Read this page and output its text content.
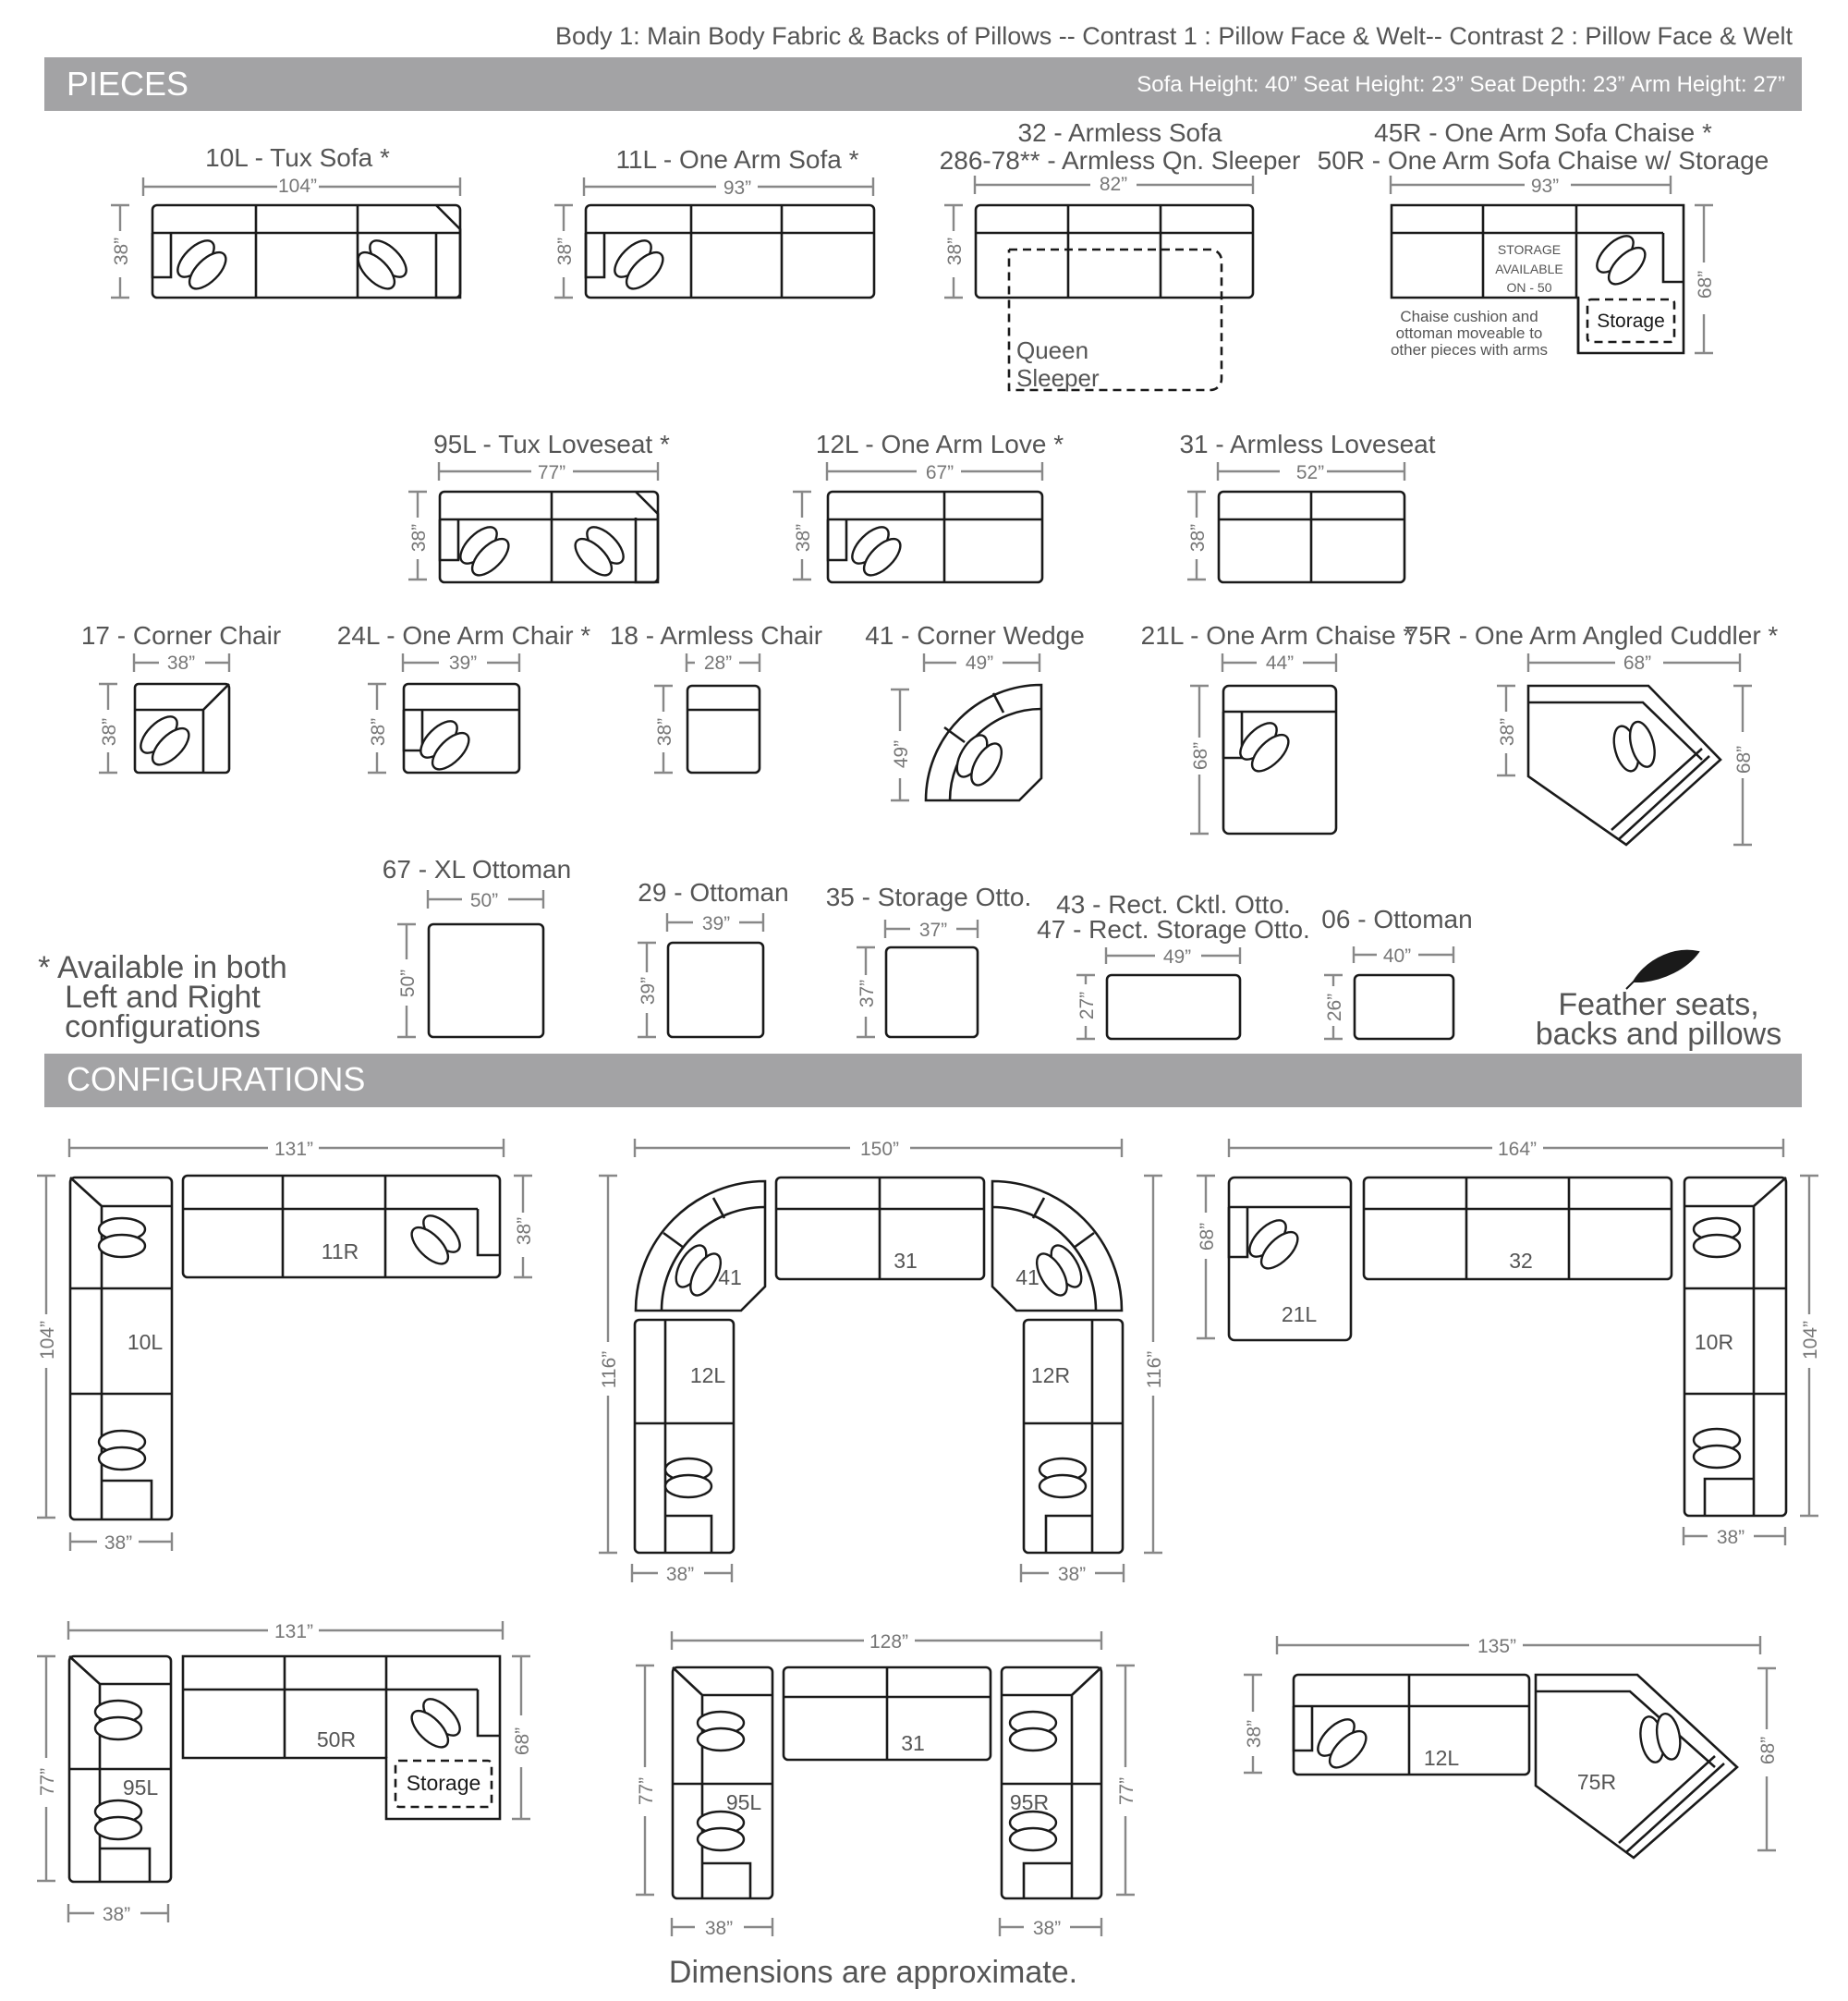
Body 1: Main Body Fabric & Backs of Pillows -- Contrast 1 : Pillow Face & Welt-- Contrast 2 : Pillow Face & Welt
PIECES	Sofa Height: 40” Seat Height: 23” Seat Depth: 23” Arm Height: 27”
10L - Tux Sofa *
104”
38”
11L - One Arm Sofa *
93”
38”
32 - Armless Sofa
286-78** - Armless Qn. Sleeper
82”
38”
Queen
Sleeper
45R - One Arm Sofa Chaise *
50R - One Arm Sofa Chaise w/ Storage
93”
68”
STORAGE
AVAILABLE
ON - 50
Storage
Chaise cushion and
ottoman moveable to
other pieces with arms
95L - Tux Loveseat *
77”
38”
12L - One Arm Love *
67”
38”
31 - Armless Loveseat
52”
38”
17 - Corner Chair
38”
38”
24L - One Arm Chair *
39”
38”
18 - Armless Chair
28”
38”
41 - Corner Wedge
49”
49”
21L - One Arm Chaise *
44”
68”
75R - One Arm Angled Cuddler *
68”
38”
68”
67 - XL Ottoman
50”
50”
29 - Ottoman
39”
39”
35 - Storage Otto.
37”
37”
43 - Rect. Cktl. Otto.
47 - Rect. Storage Otto.
49”
27”
06 - Ottoman
40”
26”
* Available in both
Left and Right
configurations
Feather seats,
backs and pillows
CONFIGURATIONS
131”
104”
38”
38”
10L
11R
150”
116”	116”
38”	38”
41
31
41
12L	12R
164”
68”
104”
38”
21L
32
10R
131”
77”
68”
38”
95L
50R
Storage
128”
77”	77”
38”	38”
95L
31
95R
135”
38”
68”
12L
75R
Dimensions are approximate.
